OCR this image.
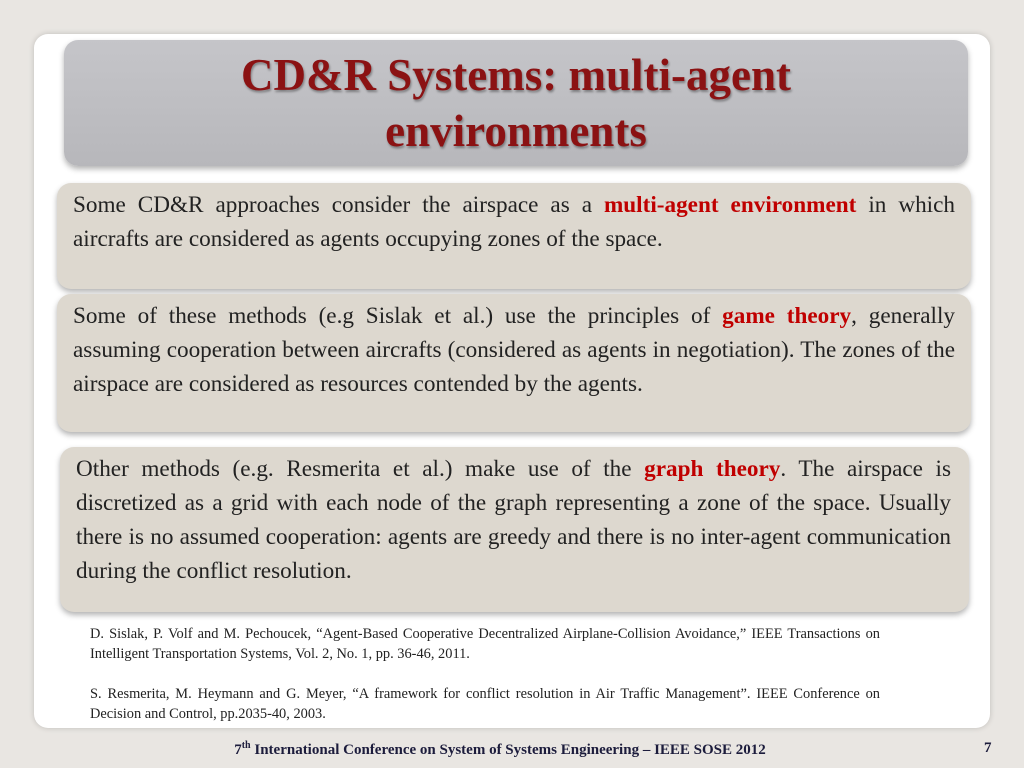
CD&R Systems: multi-agent
environments

Some CD&R approaches consider the airspace as a multi-agent environment in which aircrafts are considered as agents occupying zones of the space.

Some of these methods (e.g Sislak et al.) use the principles of game theory, generally assuming cooperation between aircrafts (considered as agents in negotiation). The zones of the airspace are considered as resources contended by the agents.

Other methods (e.g. Resmerita et al.) make use of the graph theory. The airspace is discretized as a grid with each node of the graph representing a zone of the space. Usually there is no assumed cooperation: agents are greedy and there is no inter-agent communication during the conflict resolution.

D. Sislak, P. Volf and M. Pechoucek, “Agent-Based Cooperative Decentralized Airplane-Collision Avoidance,” IEEE Transactions on Intelligent Transportation Systems, Vol. 2, No. 1, pp. 36-46, 2011.

S. Resmerita, M. Heymann and G. Meyer, “A framework for conflict resolution in Air Traffic Management”. IEEE Conference on Decision and Control, pp.2035-40, 2003.

7th International Conference on System of Systems Engineering – IEEE SOSE 2012	7
